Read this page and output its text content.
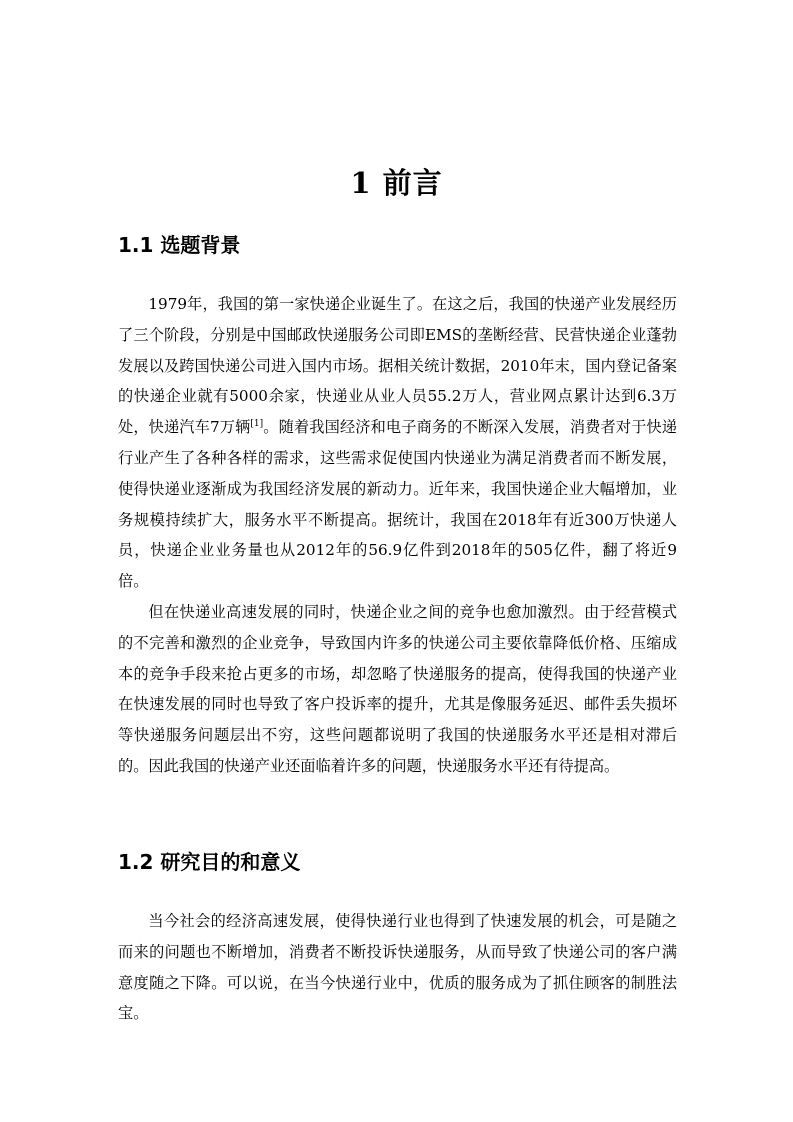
1 前言
1.1 选题背景

1979年，我国的第一家快递企业诞生了。在这之后，我国的快递产业发展经历了三个阶段，分别是中国邮政快递服务公司即EMS的垄断经营、民营快递企业蓬勃发展以及跨国快递公司进入国内市场。据相关统计数据，2010年末，国内登记备案的快递企业就有5000余家，快递业从业人员55.2万人，营业网点累计达到6.3万处，快递汽车7万辆[1]。随着我国经济和电子商务的不断深入发展，消费者对于快递行业产生了各种各样的需求，这些需求促使国内快递业为满足消费者而不断发展，使得快递业逐渐成为我国经济发展的新动力。近年来，我国快递企业大幅增加，业务规模持续扩大，服务水平不断提高。据统计，我国在2018年有近300万快递人员，快递企业业务量也从2012年的56.9亿件到2018年的505亿件，翻了将近9倍。

但在快递业高速发展的同时，快递企业之间的竞争也愈加激烈。由于经营模式的不完善和激烈的企业竞争，导致国内许多的快递公司主要依靠降低价格、压缩成本的竞争手段来抢占更多的市场，却忽略了快递服务的提高，使得我国的快递产业在快速发展的同时也导致了客户投诉率的提升，尤其是像服务延迟、邮件丢失损坏等快递服务问题层出不穷，这些问题都说明了我国的快递服务水平还是相对滞后的。因此我国的快递产业还面临着许多的问题，快递服务水平还有待提高。

1.2 研究目的和意义

当今社会的经济高速发展，使得快递行业也得到了快速发展的机会，可是随之而来的问题也不断增加，消费者不断投诉快递服务，从而导致了快递公司的客户满意度随之下降。可以说，在当今快递行业中，优质的服务成为了抓住顾客的制胜法宝。
